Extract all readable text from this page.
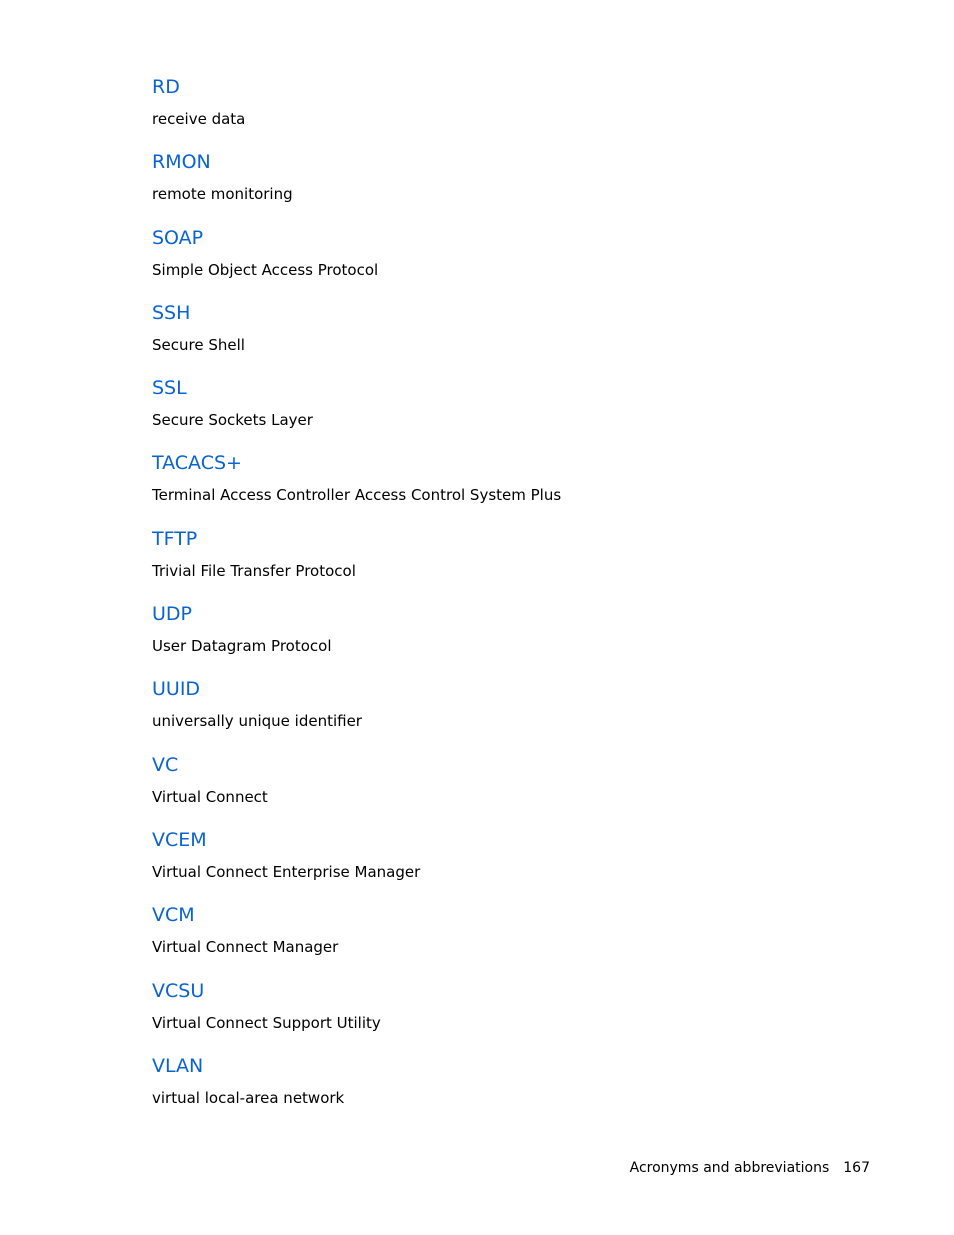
RD
receive data
RMON
remote monitoring
SOAP
Simple Object Access Protocol
SSH
Secure Shell
SSL
Secure Sockets Layer
TACACS+
Terminal Access Controller Access Control System Plus
TFTP
Trivial File Transfer Protocol
UDP
User Datagram Protocol
UUID
universally unique identifier
VC
Virtual Connect
VCEM
Virtual Connect Enterprise Manager
VCM
Virtual Connect Manager
VCSU
Virtual Connect Support Utility
VLAN
virtual local-area network
Acronyms and abbreviations 167
